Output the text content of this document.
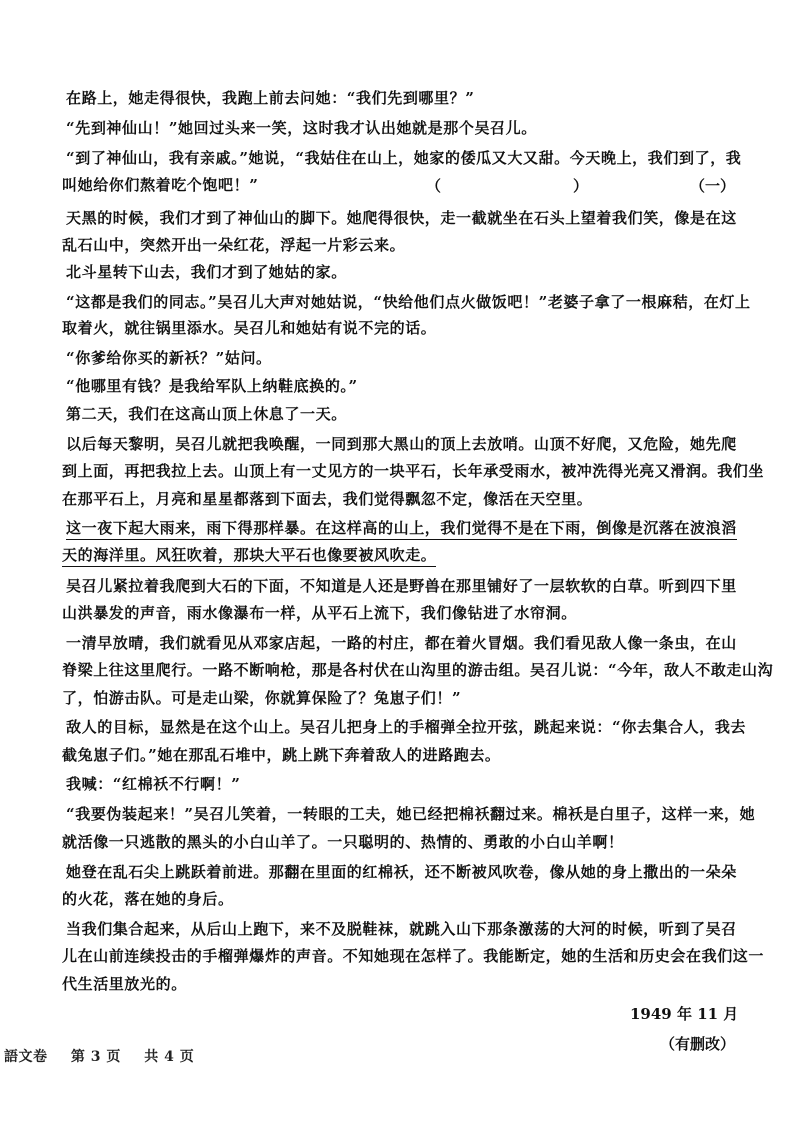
在路上，她走得很快，我跑上前去问她：“我们先到哪里？”
“先到神仙山！”她回过头来一笑，这时我才认出她就是那个吴召儿。
“到了神仙山，我有亲戚。”她说，“我姑住在山上，她家的倭瓜又大又甜。今天晚上，我们到了，我
叫她给你们熬着吃个饱吧！”	（	）	（一）
天黑的时候，我们才到了神仙山的脚下。她爬得很快，走一截就坐在石头上望着我们笑，像是在这
乱石山中，突然开出一朵红花，浮起一片彩云来。
北斗星转下山去，我们才到了她姑的家。
“这都是我们的同志。”吴召儿大声对她姑说，“快给他们点火做饭吧！”老婆子拿了一根麻秸，在灯上
取着火，就往锅里添水。吴召儿和她姑有说不完的话。
“你爹给你买的新袄？”姑问。
“他哪里有钱？是我给军队上纳鞋底换的。”
第二天，我们在这高山顶上休息了一天。
以后每天黎明，吴召儿就把我唤醒，一同到那大黑山的顶上去放哨。山顶不好爬，又危险，她先爬
到上面，再把我拉上去。山顶上有一丈见方的一块平石，长年承受雨水，被冲洗得光亮又滑润。我们坐
在那平石上，月亮和星星都落到下面去，我们觉得飘忽不定，像活在天空里。
这一夜下起大雨来，雨下得那样暴。在这样高的山上，我们觉得不是在下雨，倒像是沉落在波浪滔
天的海洋里。风狂吹着，那块大平石也像要被风吹走。
吴召儿紧拉着我爬到大石的下面，不知道是人还是野兽在那里铺好了一层软软的白草。听到四下里
山洪暴发的声音，雨水像瀑布一样，从平石上流下，我们像钻进了水帘洞。
一清早放晴，我们就看见从邓家店起，一路的村庄，都在着火冒烟。我们看见敌人像一条虫，在山
脊梁上往这里爬行。一路不断响枪，那是各村伏在山沟里的游击组。吴召儿说：“今年，敌人不敢走山沟
了，怕游击队。可是走山梁，你就算保险了？兔崽子们！”
敌人的目标，显然是在这个山上。吴召儿把身上的手榴弹全拉开弦，跳起来说：“你去集合人，我去
截兔崽子们。”她在那乱石堆中，跳上跳下奔着敌人的进路跑去。
我喊：“红棉袄不行啊！”
“我要伪装起来！”吴召儿笑着，一转眼的工夫，她已经把棉袄翻过来。棉袄是白里子，这样一来，她
就活像一只逃散的黑头的小白山羊了。一只聪明的、热情的、勇敢的小白山羊啊！
她登在乱石尖上跳跃着前进。那翻在里面的红棉袄，还不断被风吹卷，像从她的身上撒出的一朵朵
的火花，落在她的身后。
当我们集合起来，从后山上跑下，来不及脱鞋袜，就跳入山下那条激荡的大河的时候，听到了吴召
儿在山前连续投击的手榴弹爆炸的声音。不知她现在怎样了。我能断定，她的生活和历史会在我们这一
代生活里放光的。
1949 年 11 月
（有删改）
語文卷 第 3 页 共 4 页
